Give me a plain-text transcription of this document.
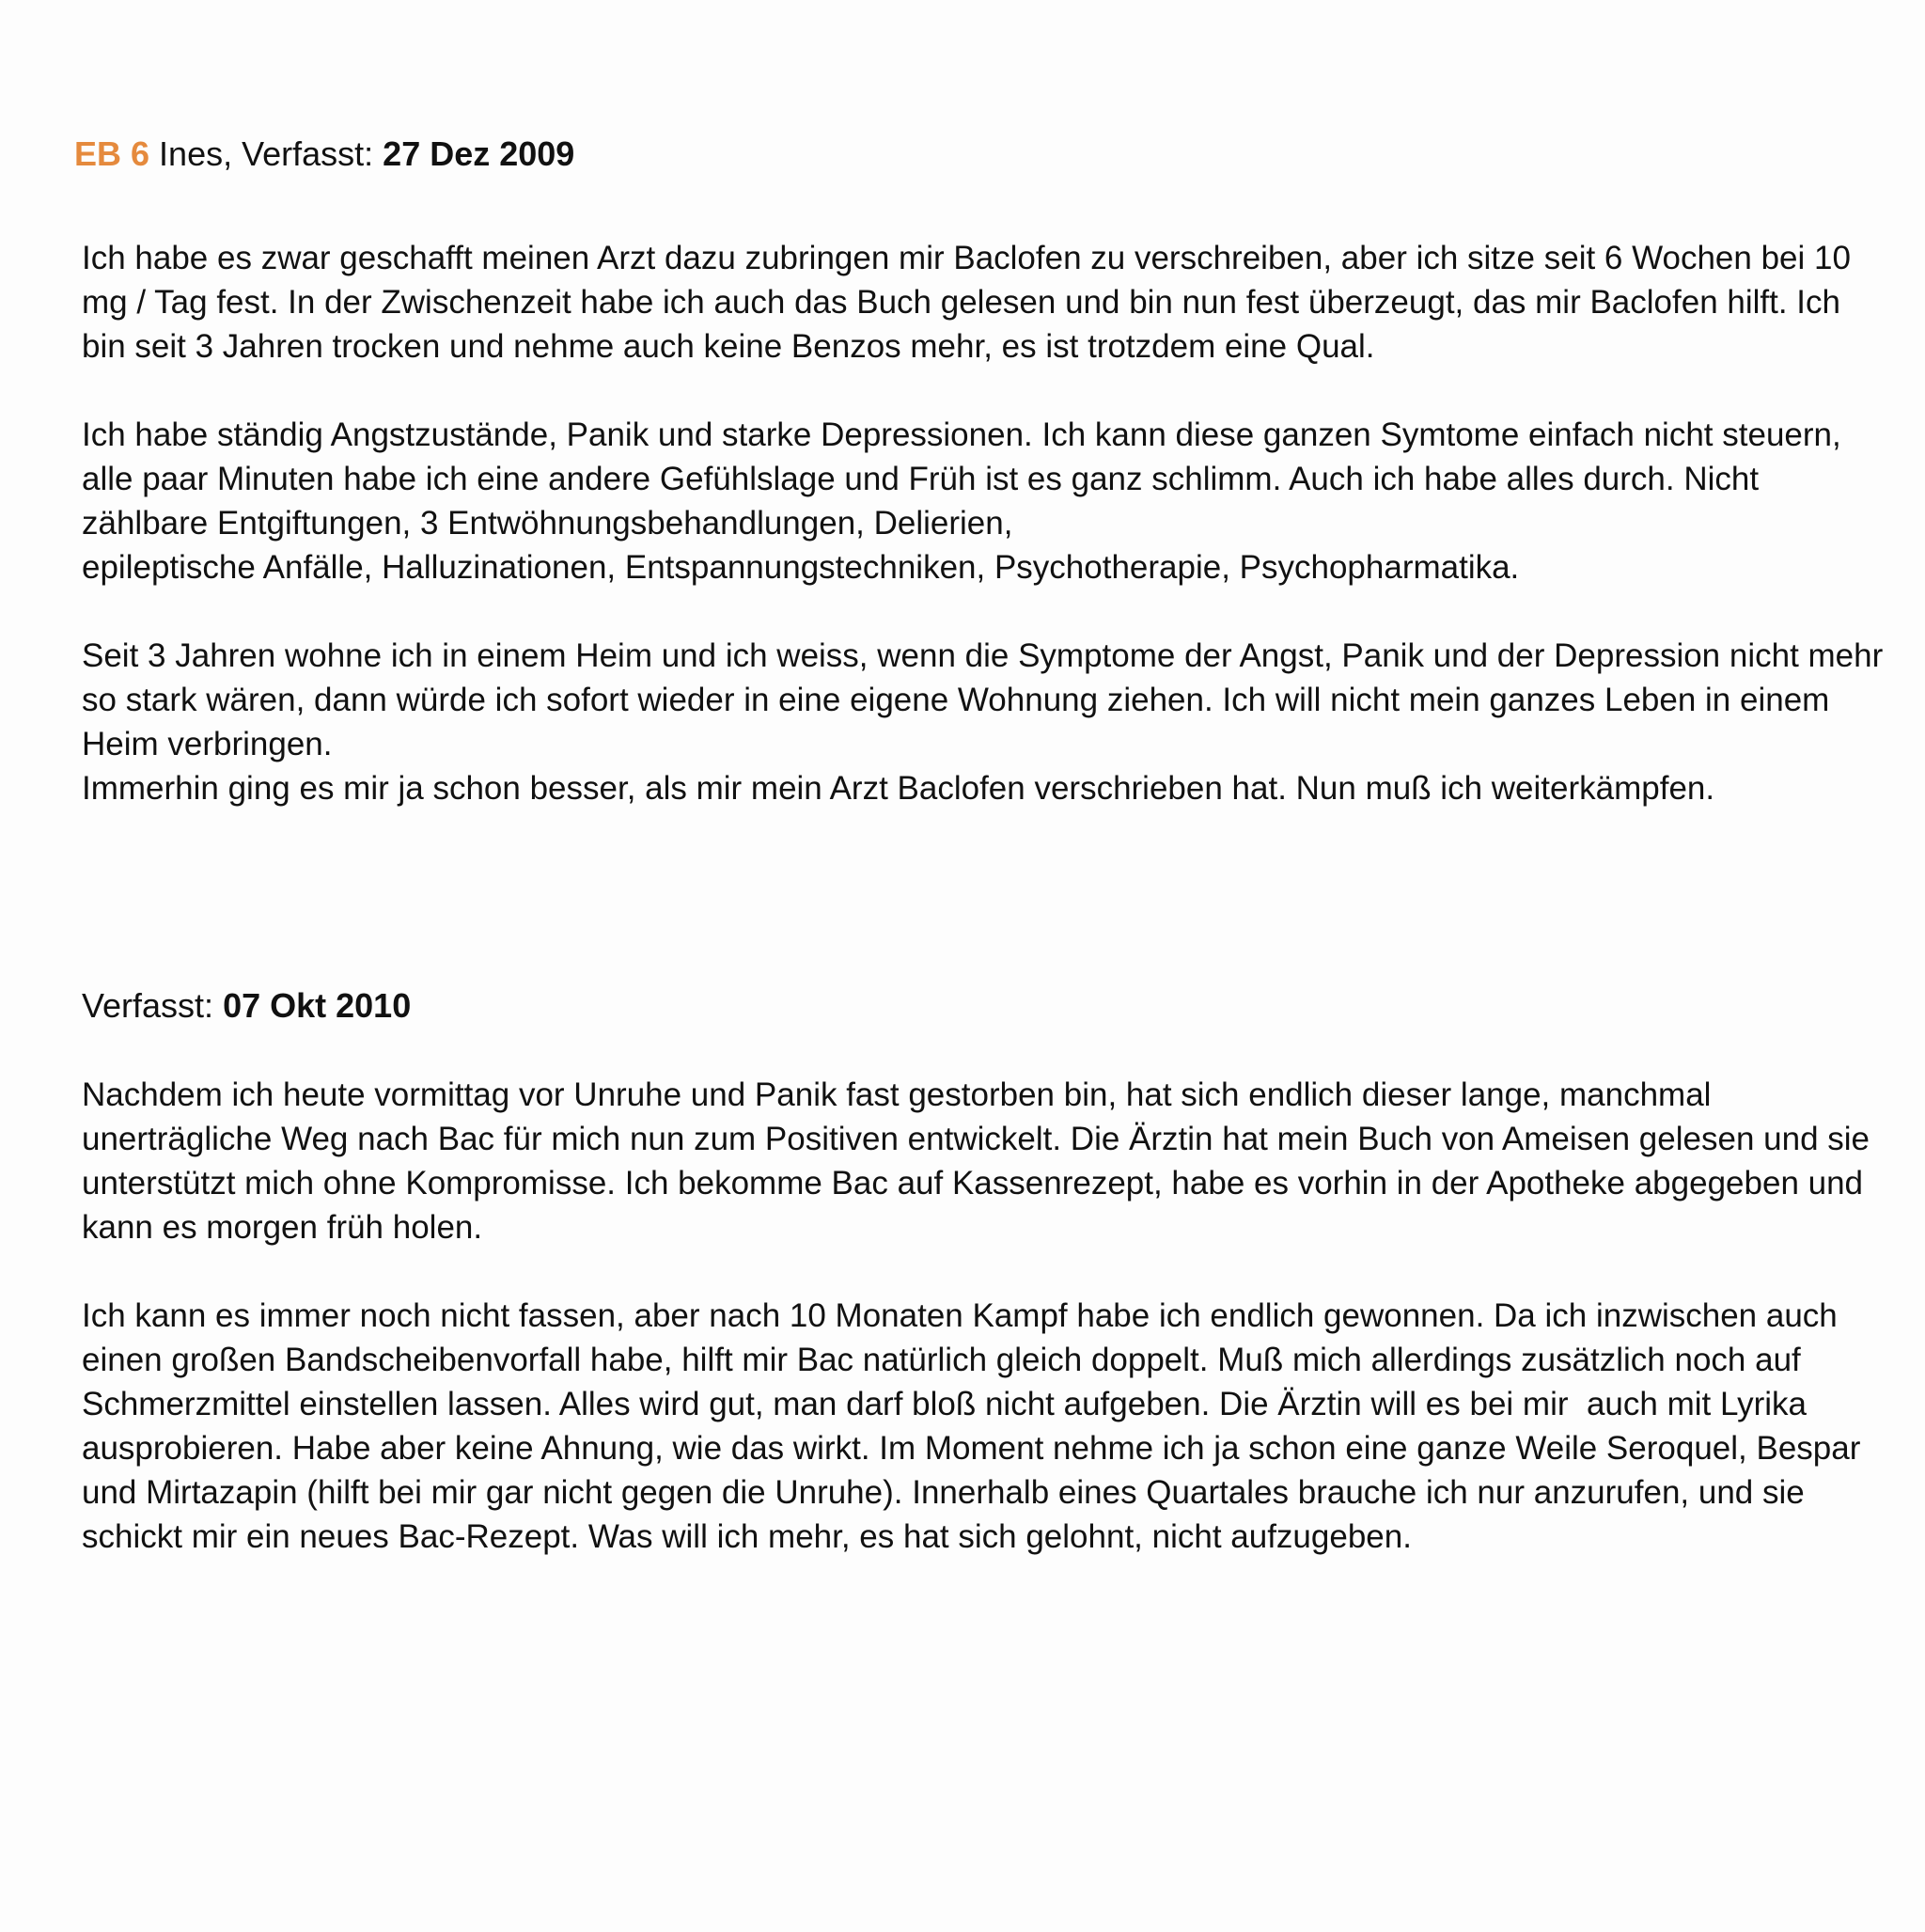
EB 6 Ines, Verfasst: 27 Dez 2009

Ich habe es zwar geschafft meinen Arzt dazu zubringen mir Baclofen zu verschreiben, aber ich sitze seit 6 Wochen bei 10 mg / Tag fest. In der Zwischenzeit habe ich auch das Buch gelesen und bin nun fest überzeugt, das mir Baclofen hilft. Ich bin seit 3 Jahren trocken und nehme auch keine Benzos mehr, es ist trotzdem eine Qual.

Ich habe ständig Angstzustände, Panik und starke Depressionen. Ich kann diese ganzen Symtome einfach nicht steuern, alle paar Minuten habe ich eine andere Gefühlslage und Früh ist es ganz schlimm. Auch ich habe alles durch. Nicht zählbare Entgiftungen, 3 Entwöhnungsbehandlungen, Delierien,

epileptische Anfälle, Halluzinationen, Entspannungstechniken, Psychotherapie, Psychopharmatika.

Seit 3 Jahren wohne ich in einem Heim und ich weiss, wenn die Symptome der Angst, Panik und der Depression nicht mehr so stark wären, dann würde ich sofort wieder in eine eigene Wohnung ziehen. Ich will nicht mein ganzes Leben in einem Heim verbringen.

Immerhin ging es mir ja schon besser, als mir mein Arzt Baclofen verschrieben hat. Nun muß ich weiterkämpfen.

Verfasst: 07 Okt 2010

Nachdem ich heute vormittag vor Unruhe und Panik fast gestorben bin, hat sich endlich dieser lange, manchmal unerträgliche Weg nach Bac für mich nun zum Positiven entwickelt. Die Ärztin hat mein Buch von Ameisen gelesen und sie unterstützt mich ohne Kompromisse. Ich bekomme Bac auf Kassenrezept, habe es vorhin in der Apotheke abgegeben und kann es morgen früh holen.

Ich kann es immer noch nicht fassen, aber nach 10 Monaten Kampf habe ich endlich gewonnen. Da ich inzwischen auch einen großen Bandscheibenvorfall habe, hilft mir Bac natürlich gleich doppelt. Muß mich allerdings zusätzlich noch auf Schmerzmittel einstellen lassen. Alles wird gut, man darf bloß nicht aufgeben. Die Ärztin will es bei mir  auch mit Lyrika ausprobieren. Habe aber keine Ahnung, wie das wirkt. Im Moment nehme ich ja schon eine ganze Weile Seroquel, Bespar und Mirtazapin (hilft bei mir gar nicht gegen die Unruhe). Innerhalb eines Quartales brauche ich nur anzurufen, und sie schickt mir ein neues Bac-Rezept. Was will ich mehr, es hat sich gelohnt, nicht aufzugeben.
